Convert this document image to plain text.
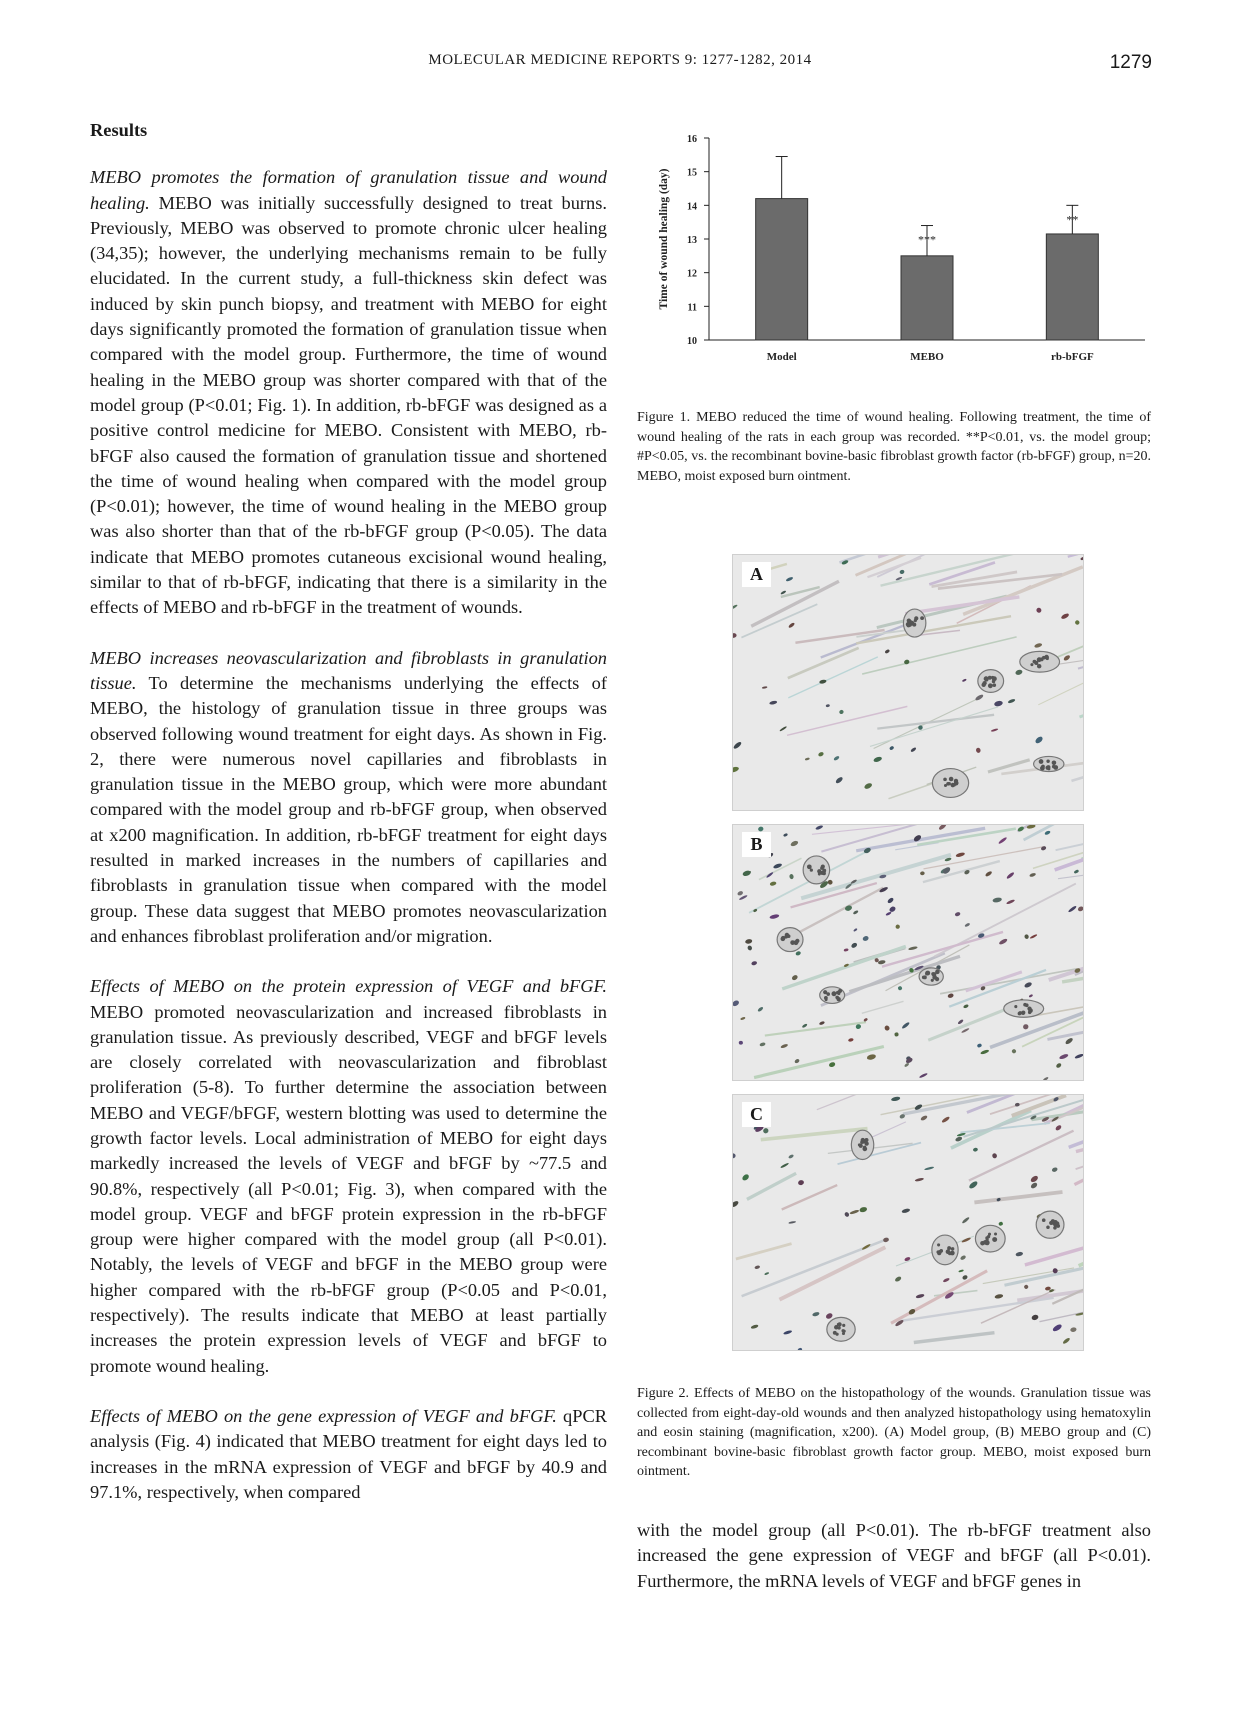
MOLECULAR MEDICINE REPORTS 9: 1277-1282, 2014	1279

Results

MEBO promotes the formation of granulation tissue and wound healing. MEBO was initially successfully designed to treat burns. Previously, MEBO was observed to promote chronic ulcer healing (34,35); however, the underlying mechanisms remain to be fully elucidated. In the current study, a full-thickness skin defect was induced by skin punch biopsy, and treatment with MEBO for eight days significantly promoted the formation of granulation tissue when compared with the model group. Furthermore, the time of wound healing in the MEBO group was shorter compared with that of the model group (P<0.01; Fig. 1). In addition, rb-bFGF was designed as a positive control medicine for MEBO. Consistent with MEBO, rb-bFGF also caused the formation of granulation tissue and shortened the time of wound healing when compared with the model group (P<0.01); however, the time of wound healing in the MEBO group was also shorter than that of the rb-bFGF group (P<0.05). The data indicate that MEBO promotes cutaneous excisional wound healing, similar to that of rb-bFGF, indicating that there is a similarity in the effects of MEBO and rb-bFGF in the treatment of wounds.

MEBO increases neovascularization and fibroblasts in granulation tissue. To determine the mechanisms underlying the effects of MEBO, the histology of granulation tissue in three groups was observed following wound treatment for eight days. As shown in Fig. 2, there were numerous novel capillaries and fibroblasts in granulation tissue in the MEBO group, which were more abundant compared with the model group and rb-bFGF group, when observed at x200 magnification. In addition, rb-bFGF treatment for eight days resulted in marked increases in the numbers of capillaries and fibroblasts in granulation tissue when compared with the model group. These data suggest that MEBO promotes neovascularization and enhances fibroblast proliferation and/or migration.

Effects of MEBO on the protein expression of VEGF and bFGF. MEBO promoted neovascularization and increased fibroblasts in granulation tissue. As previously described, VEGF and bFGF levels are closely correlated with neovascularization and fibroblast proliferation (5-8). To further determine the association between MEBO and VEGF/bFGF, western blotting was used to determine the growth factor levels. Local administration of MEBO for eight days markedly increased the levels of VEGF and bFGF by ~77.5 and 90.8%, respectively (all P<0.01; Fig. 3), when compared with the model group. VEGF and bFGF protein expression in the rb-bFGF group were higher compared with the model group (all P<0.01). Notably, the levels of VEGF and bFGF in the MEBO group were higher compared with the rb-bFGF group (P<0.05 and P<0.01, respectively). The results indicate that MEBO at least partially increases the protein expression levels of VEGF and bFGF to promote wound healing.

Effects of MEBO on the gene expression of VEGF and bFGF. qPCR analysis (Fig. 4) indicated that MEBO treatment for eight days led to increases in the mRNA expression of VEGF and bFGF by 40.9 and 97.1%, respectively, when compared

10
11
12
13
14
15
16
Time of wound healing (day)
Model
***
MEBO
**
rb-bFGF
Figure 1. MEBO reduced the time of wound healing. Following treatment, the time of wound healing of the rats in each group was recorded. **P<0.01, vs. the model group; #P<0.05, vs. the recombinant bovine-basic fibroblast growth factor (rb-bFGF) group, n=20. MEBO, moist exposed burn ointment.
A
B
C
Figure 2. Effects of MEBO on the histopathology of the wounds. Granulation tissue was collected from eight-day-old wounds and then analyzed histopathology using hematoxylin and eosin staining (magnification, x200). (A) Model group, (B) MEBO group and (C) recombinant bovine-basic fibroblast growth factor group. MEBO, moist exposed burn ointment.

with the model group (all P<0.01). The rb-bFGF treatment also increased the gene expression of VEGF and bFGF (all P<0.01). Furthermore, the mRNA levels of VEGF and bFGF genes in
